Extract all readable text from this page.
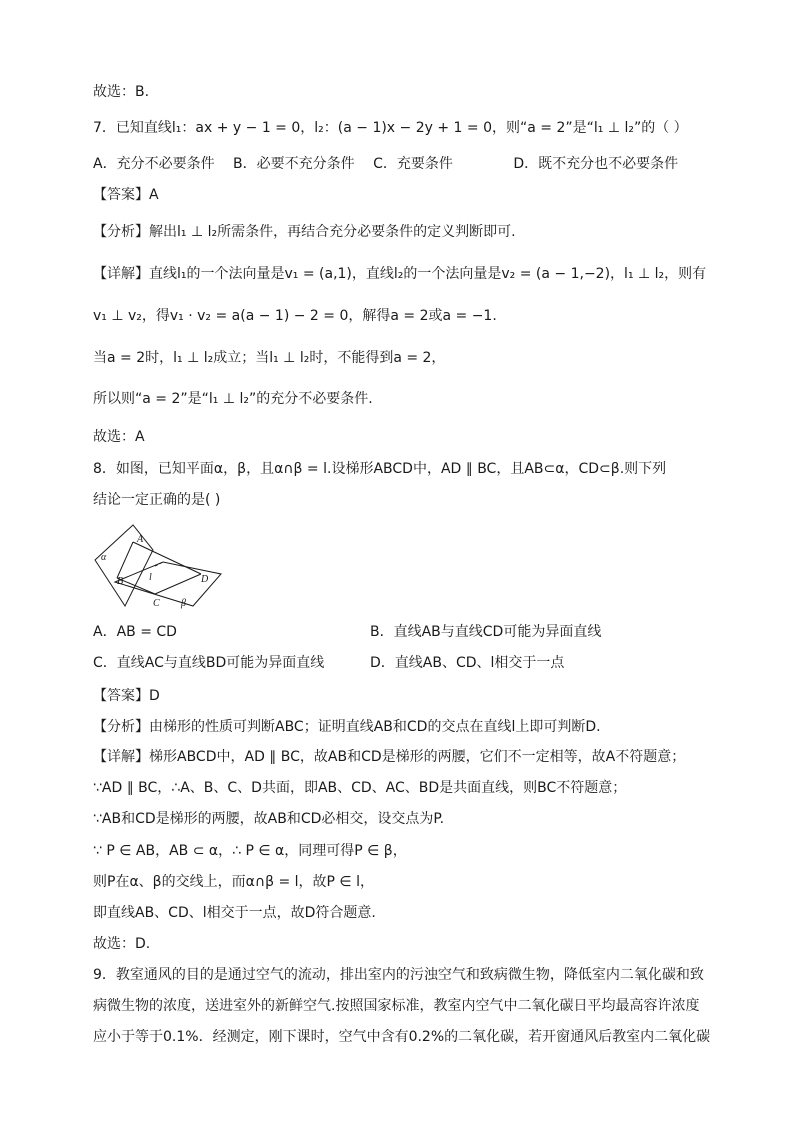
故选：B.
7．已知直线l₁：ax + y − 1 = 0，l₂：(a − 1)x − 2y + 1 = 0，则“a = 2”是“l₁ ⊥ l₂”的（ ）
A．充分不必要条件 B．必要不充分条件 C．充要条件	D．既不充分也不必要条件
【答案】A
【分析】解出l₁ ⊥ l₂所需条件，再结合充分必要条件的定义判断即可.
【详解】直线l₁的一个法向量是v₁ = (a,1)，直线l₂的一个法向量是v₂ = (a − 1,−2)，l₁ ⊥ l₂，则有
v₁ ⊥ v₂，得v₁ · v₂ = a(a − 1) − 2 = 0，解得a = 2或a = −1.
当a = 2时，l₁ ⊥ l₂成立；当l₁ ⊥ l₂时，不能得到a = 2，
所以则“a = 2”是“l₁ ⊥ l₂”的充分不必要条件.
故选：A
8．如图，已知平面α，β，且α∩β = l.设梯形ABCD中，AD ∥ BC，且AB⊂α，CD⊂β.则下列
结论一定正确的是( )
α
β
A
B
C
D
l
A．AB = CD	B．直线AB与直线CD可能为异面直线
C．直线AC与直线BD可能为异面直线	D．直线AB、CD、l相交于一点
【答案】D
【分析】由梯形的性质可判断ABC；证明直线AB和CD的交点在直线l上即可判断D.
【详解】梯形ABCD中，AD ∥ BC，故AB和CD是梯形的两腰，它们不一定相等，故A不符题意；
∵AD ∥ BC，∴A、B、C、D共面，即AB、CD、AC、BD是共面直线，则BC不符题意；
∵AB和CD是梯形的两腰，故AB和CD必相交，设交点为P.
∵ P ∈ AB，AB ⊂ α，∴ P ∈ α，同理可得P ∈ β，
则P在α、β的交线上，而α∩β = l，故P ∈ l，
即直线AB、CD、l相交于一点，故D符合题意.
故选：D.
9．教室通风的目的是通过空气的流动，排出室内的污浊空气和致病微生物，降低室内二氧化碳和致
病微生物的浓度，送进室外的新鲜空气.按照国家标准，教室内空气中二氧化碳日平均最高容许浓度
应小于等于0.1%．经测定，刚下课时，空气中含有0.2%的二氧化碳，若开窗通风后教室内二氧化碳
